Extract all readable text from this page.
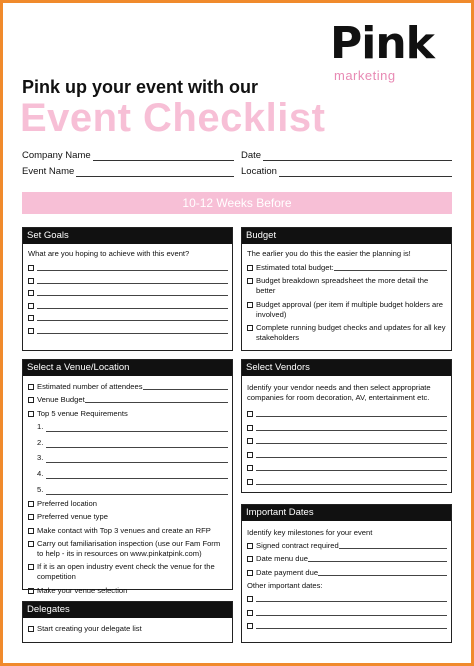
Pink
marketing
Pink up your event with our
Event Checklist
Company Name	Date
Event Name	Location
10-12 Weeks Before
Set Goals
What are you hoping to achieve with this event?
Budget
The earlier you do this the easier the planning is!
Estimated total budget:
Budget breakdown spreadsheet the more detail the better
Budget approval (per item if multiple budget holders are involved)
Complete running budget checks and updates for all key stakeholders
Select a Venue/Location
Estimated number of attendees
Venue Budget
Top 5 venue Requirements
1.
2.
3.
4.
5.
Preferred location
Preferred venue type
Make contact with Top 3 venues and create an RFP
Carry out familiarisation inspection (use our Fam Form to help - its in resources on www.pinkatpink.com)
If it is an open industry event check the venue for the competition
Make your venue selection
Select Vendors
Identify your vendor needs and then select appropriate companies for room decoration, AV, entertainment etc.
Important Dates
Identify key milestones for your event
Signed contract required
Date menu due
Date payment due
Other important dates:
Delegates
Start creating your delegate list
